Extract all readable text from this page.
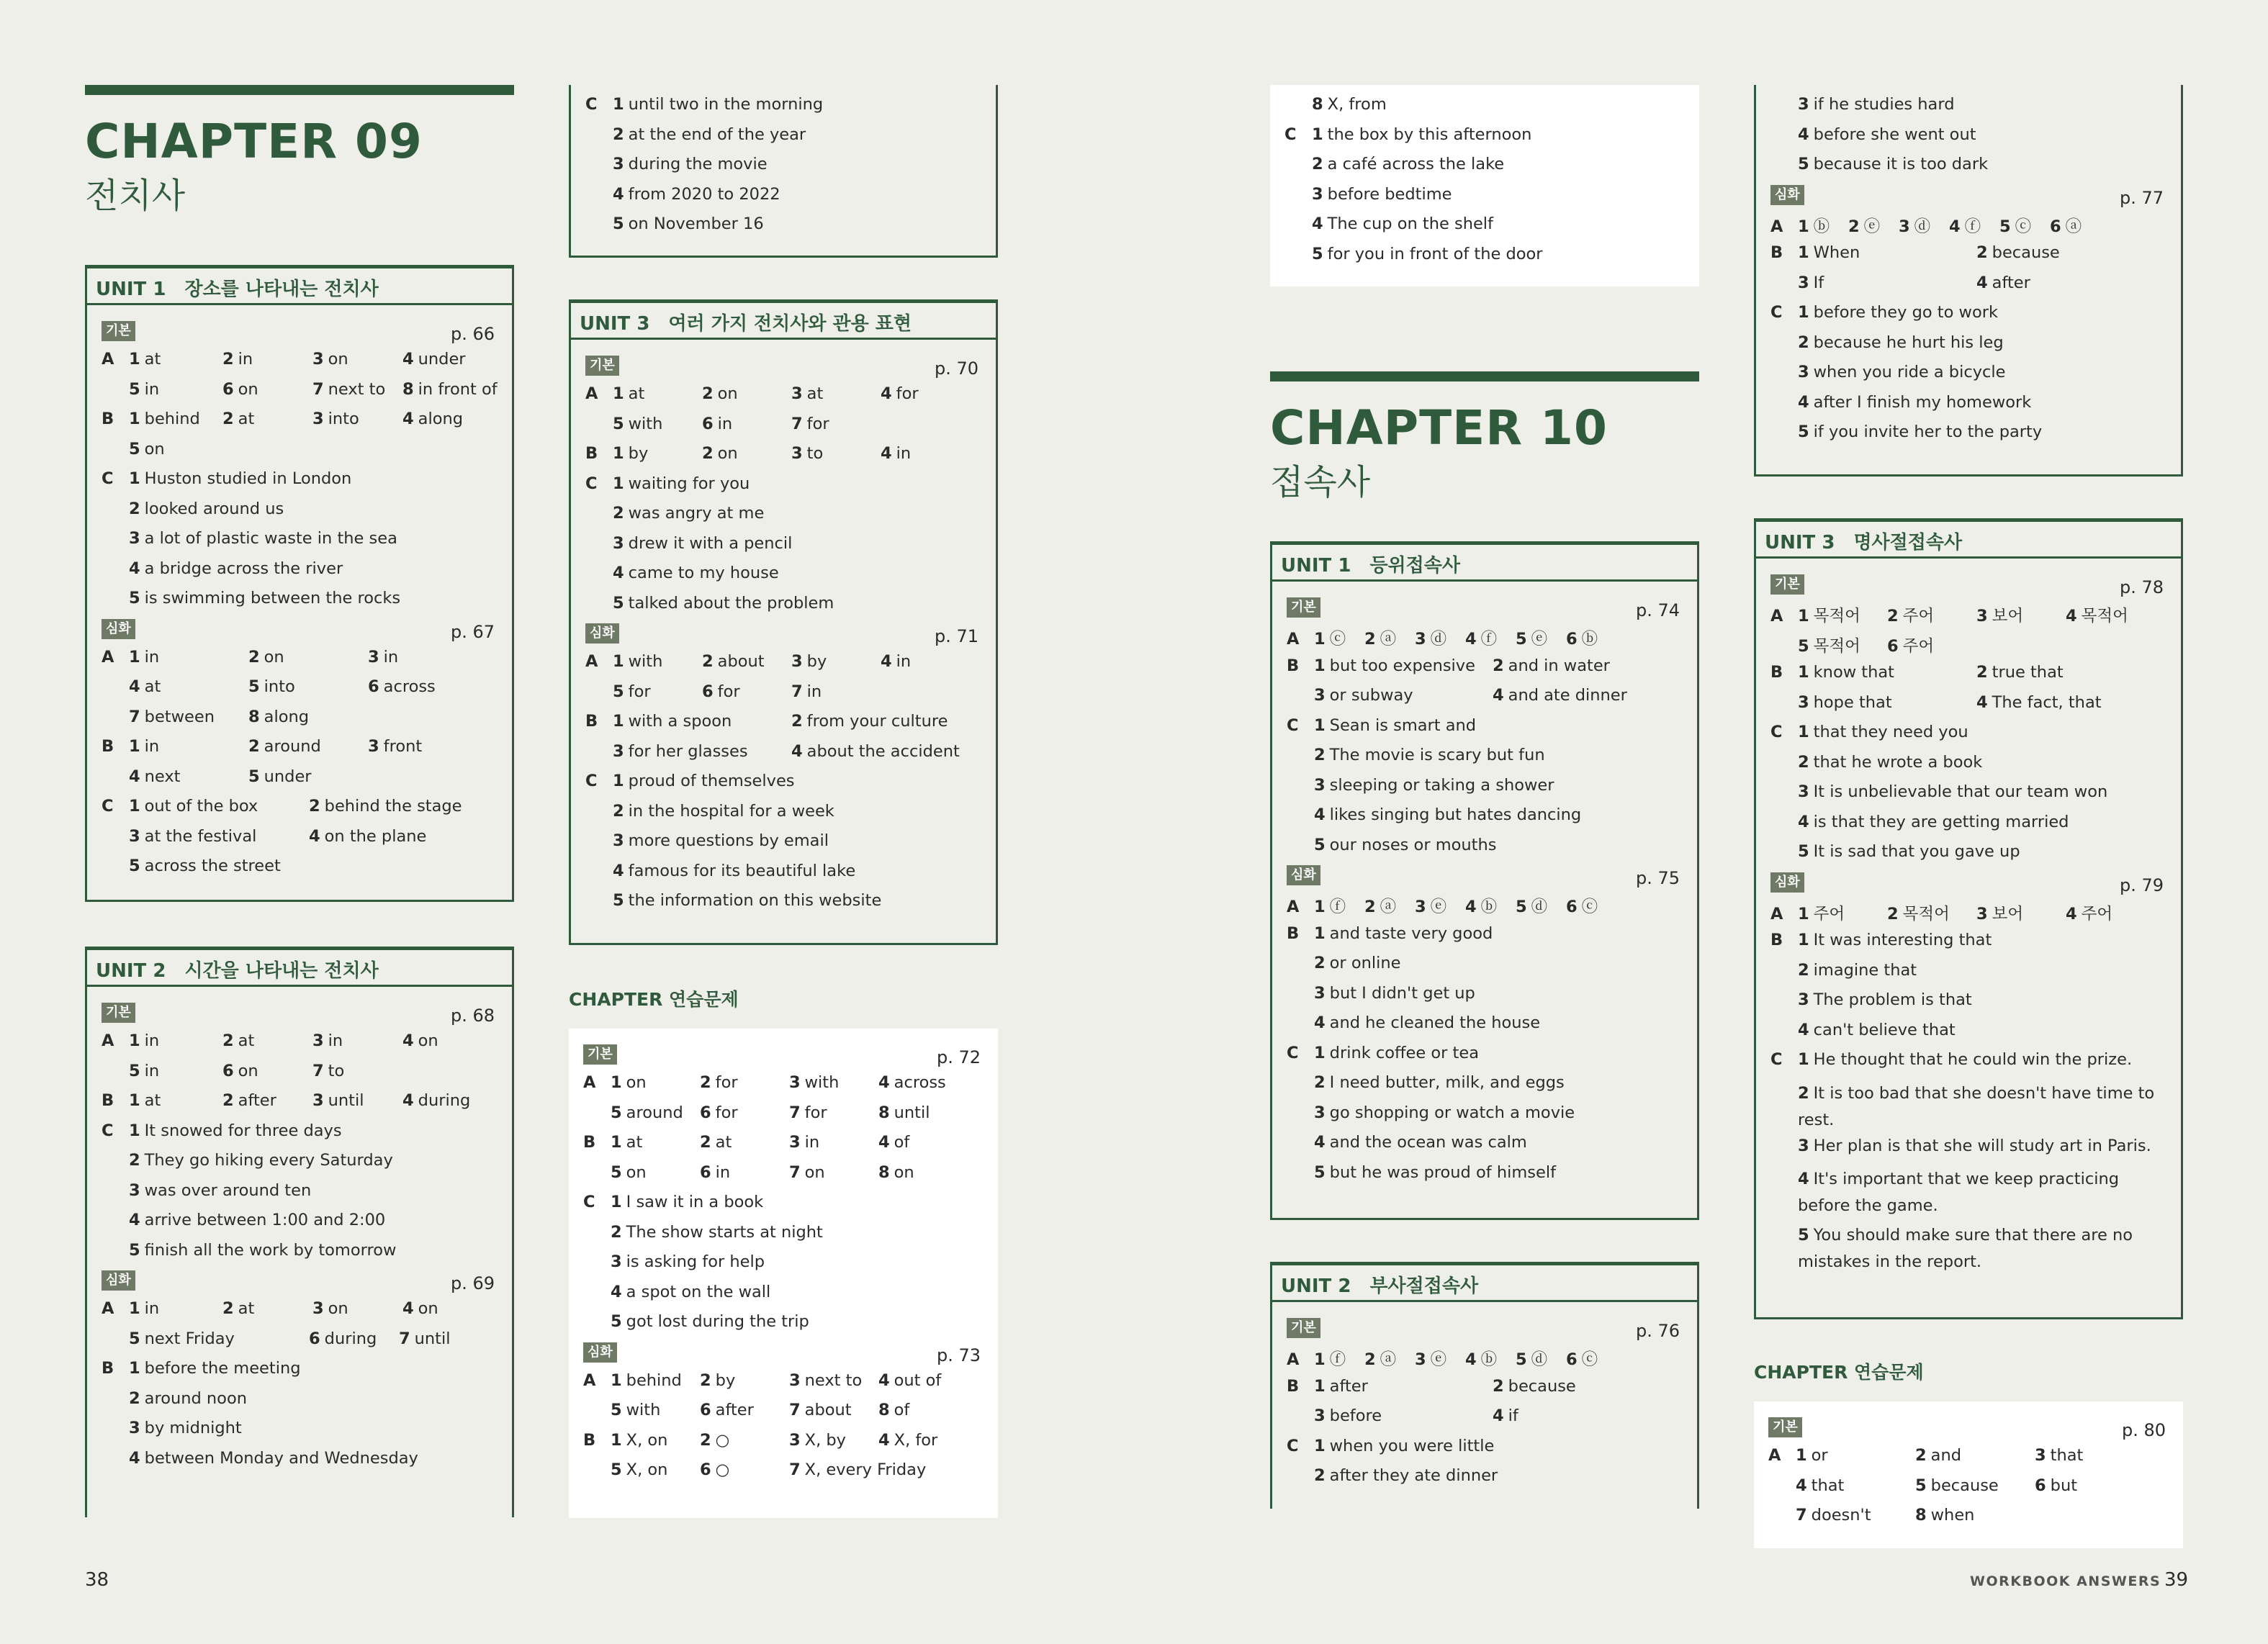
CHAPTER 09
전치사
UNIT 1 장소를 나타내는 전치사
기본	p. 66
A 1 at	2 in	3 on	4 under
5 in	6 on	7 next to	8 in front of
B 1 behind	2 at	3 into	4 along
5 on
C 1 Huston studied in London
2 looked around us
3 a lot of plastic waste in the sea
4 a bridge across the river
5 is swimming between the rocks
심화	p. 67
A 1 in	2 on	3 in
4 at	5 into	6 across
7 between	8 along
B 1 in	2 around	3 front
4 next	5 under
C 1 out of the box	2 behind the stage
3 at the festival	4 on the plane
5 across the street
UNIT 2 시간을 나타내는 전치사
기본	p. 68
A 1 in	2 at	3 in	4 on
5 in	6 on	7 to
B 1 at	2 after	3 until	4 during
C 1 It snowed for three days
2 They go hiking every Saturday
3 was over around ten
4 arrive between 1:00 and 2:00
5 finish all the work by tomorrow
심화	p. 69
A 1 in	2 at	3 on	4 on
5 next Friday	6 during	7 until
B 1 before the meeting
2 around noon
3 by midnight
4 between Monday and Wednesday
C 1 until two in the morning
2 at the end of the year
3 during the movie
4 from 2020 to 2022
5 on November 16
UNIT 3 여러 가지 전치사와 관용 표현
기본	p. 70
A 1 at	2 on	3 at	4 for
5 with	6 in	7 for
B 1 by	2 on	3 to	4 in
C 1 waiting for you
2 was angry at me
3 drew it with a pencil
4 came to my house
5 talked about the problem
심화	p. 71
A 1 with	2 about	3 by	4 in
5 for	6 for	7 in
B 1 with a spoon	2 from your culture
3 for her glasses	4 about the accident
C 1 proud of themselves
2 in the hospital for a week
3 more questions by email
4 famous for its beautiful lake
5 the information on this website
CHAPTER 연습문제
기본	p. 72
A 1 on	2 for	3 with	4 across
5 around	6 for	7 for	8 until
B 1 at	2 at	3 in	4 of
5 on	6 in	7 on	8 on
C 1 I saw it in a book
2 The show starts at night
3 is asking for help
4 a spot on the wall
5 got lost during the trip
심화	p. 73
A 1 behind	2 by	3 next to	4 out of
5 with	6 after	7 about	8 of
B 1 X, on	2 ○	3 X, by	4 X, for
5 X, on	6 ○	7 X, every Friday
8 X, from
C 1 the box by this afternoon
2 a café across the lake
3 before bedtime
4 The cup on the shelf
5 for you in front of the door
CHAPTER 10
접속사
UNIT 1 등위접속사
기본	p. 74
A 1 ⓒ	2 ⓐ	3 ⓓ	4 ⓕ	5 ⓔ	6 ⓑ
B 1 but too expensive	2 and in water
3 or subway	4 and ate dinner
C 1 Sean is smart and
2 The movie is scary but fun
3 sleeping or taking a shower
4 likes singing but hates dancing
5 our noses or mouths
심화	p. 75
A 1 ⓕ	2 ⓐ	3 ⓔ	4 ⓑ	5 ⓓ	6 ⓒ
B 1 and taste very good
2 or online
3 but I didn't get up
4 and he cleaned the house
C 1 drink coffee or tea
2 I need butter, milk, and eggs
3 go shopping or watch a movie
4 and the ocean was calm
5 but he was proud of himself
UNIT 2 부사절접속사
기본	p. 76
A 1 ⓕ	2 ⓐ	3 ⓔ	4 ⓑ	5 ⓓ	6 ⓒ
B 1 after	2 because
3 before	4 if
C 1 when you were little
2 after they ate dinner
3 if he studies hard
4 before she went out
5 because it is too dark
심화	p. 77
A 1 ⓑ	2 ⓔ	3 ⓓ	4 ⓕ	5 ⓒ	6 ⓐ
B 1 When	2 because
3 If	4 after
C 1 before they go to work
2 because he hurt his leg
3 when you ride a bicycle
4 after I finish my homework
5 if you invite her to the party
UNIT 3 명사절접속사
기본	p. 78
A 1 목적어	2 주어	3 보어	4 목적어
5 목적어	6 주어
B 1 know that	2 true that
3 hope that	4 The fact, that
C 1 that they need you
2 that he wrote a book
3 It is unbelievable that our team won
4 is that they are getting married
5 It is sad that you gave up
심화	p. 79
A 1 주어	2 목적어	3 보어	4 주어
B 1 It was interesting that
2 imagine that
3 The problem is that
4 can't believe that
C 1 He thought that he could win the prize.
2 It is too bad that she doesn't have time to rest.
3 Her plan is that she will study art in Paris.
4 It's important that we keep practicing before the game.
5 You should make sure that there are no mistakes in the report.
CHAPTER 연습문제
기본	p. 80
A 1 or	2 and	3 that
4 that	5 because	6 but
7 doesn't	8 when
38	WORKBOOK ANSWERS 39
